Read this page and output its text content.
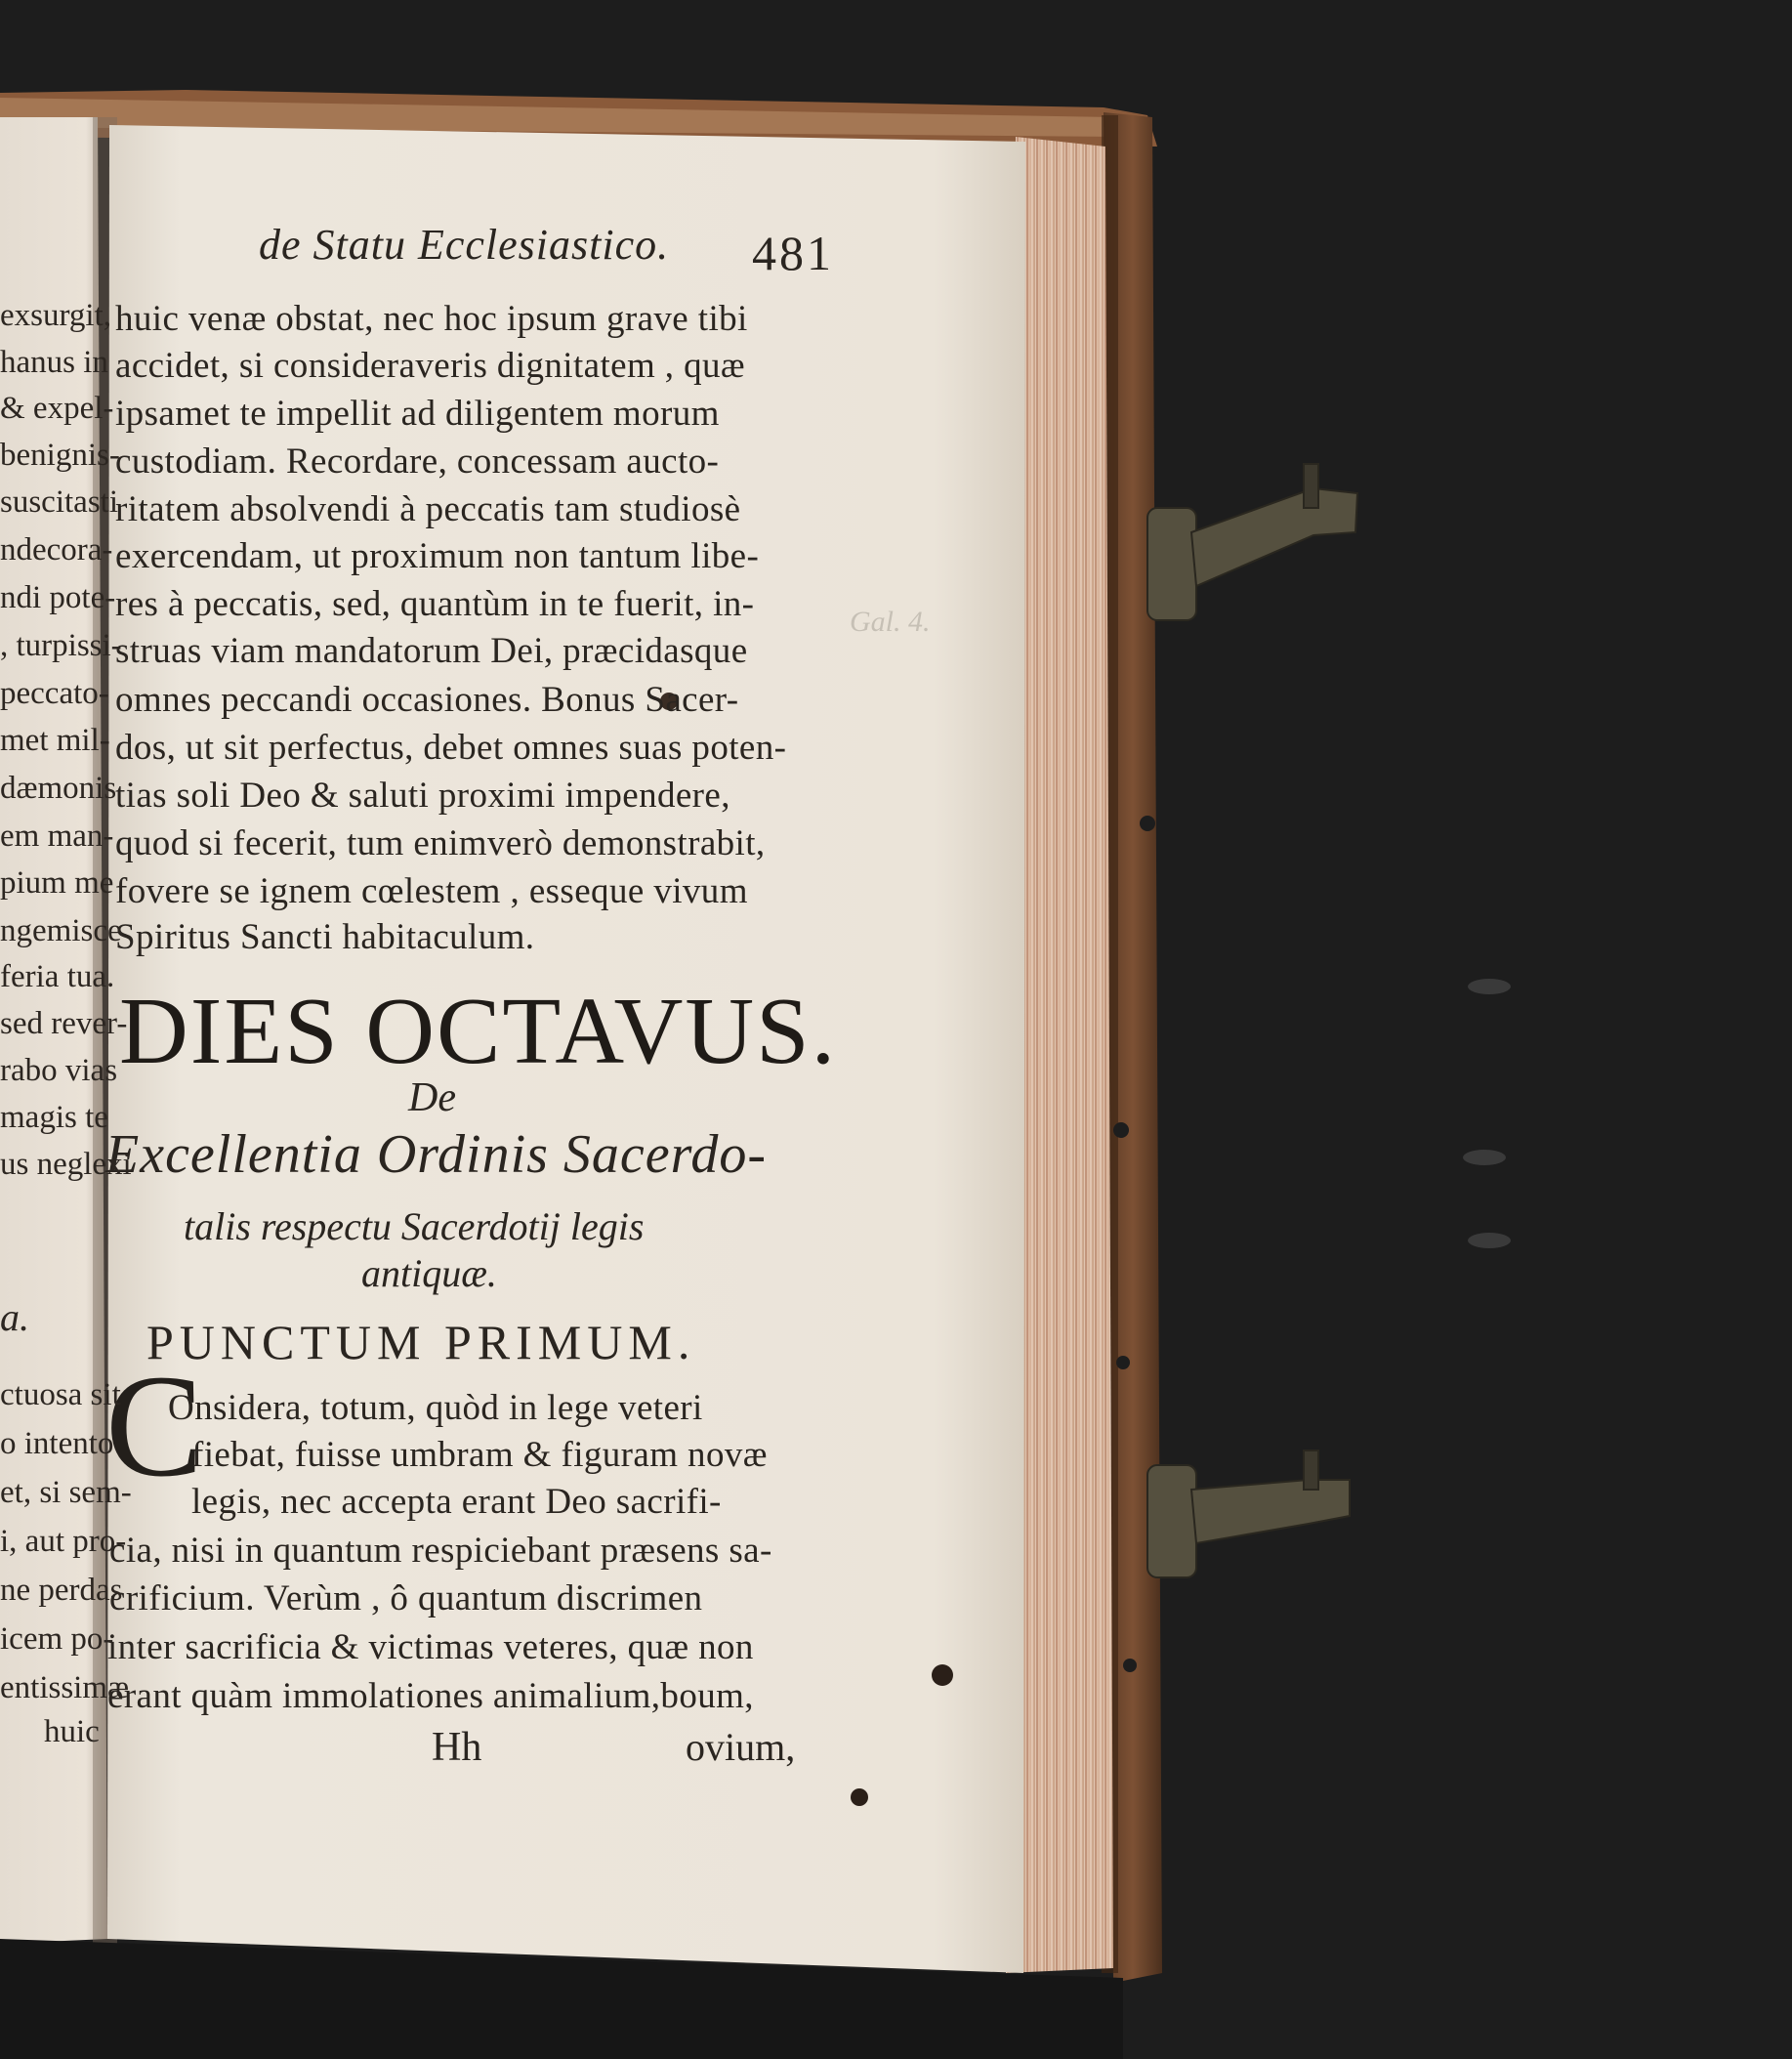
Gal. 4.
de Statu Ecclesiastico. 481
huic venæ obstat, nec hoc ipsum grave tibi
accidet, si consideraveris dignitatem , quæ
ipsamet te impellit ad diligentem morum
custodiam. Recordare, concessam aucto-
ritatem absolvendi à peccatis tam studiosè
exercendam, ut proximum non tantum libe-
res à peccatis, sed, quantùm in te fuerit, in-
struas viam mandatorum Dei, præcidasque
omnes peccandi occasiones. Bonus Sacer-
dos, ut sit perfectus, debet omnes suas poten-
tias soli Deo & saluti proximi impendere,
quod si fecerit, tum enimverò demonstrabit,
fovere se ignem cœlestem , esseque vivum
Spiritus Sancti habitaculum.
DIES OCTAVUS.
De
Excellentia Ordinis Sacerdo-
talis respectu Sacerdotij legis
antiquæ.
PUNCTUM PRIMUM.
C
Onsidera, totum, quòd in lege veteri
fiebat, fuisse umbram & figuram novæ
legis, nec accepta erant Deo sacrifi-
cia, nisi in quantum respiciebant præsens sa-
crificium. Verùm , ô quantum discrimen
inter sacrificia & victimas veteres, quæ non
erant quàm immolationes animalium,boum,
Hh	ovium,
exsurgit,
hanus in
& expel-
benignis-
suscitasti
ndecora-
ndi pote-
, turpissi-
peccato-
met mil-
dæmonis
em man-
pium me
ngemisce
feria tua.
sed rever-
rabo vias
magis te
us neglexi
a.
ctuosa sit
o intento
et, si sem-
i, aut pro-
ne perdas
icem po-
entissimæ
huic
